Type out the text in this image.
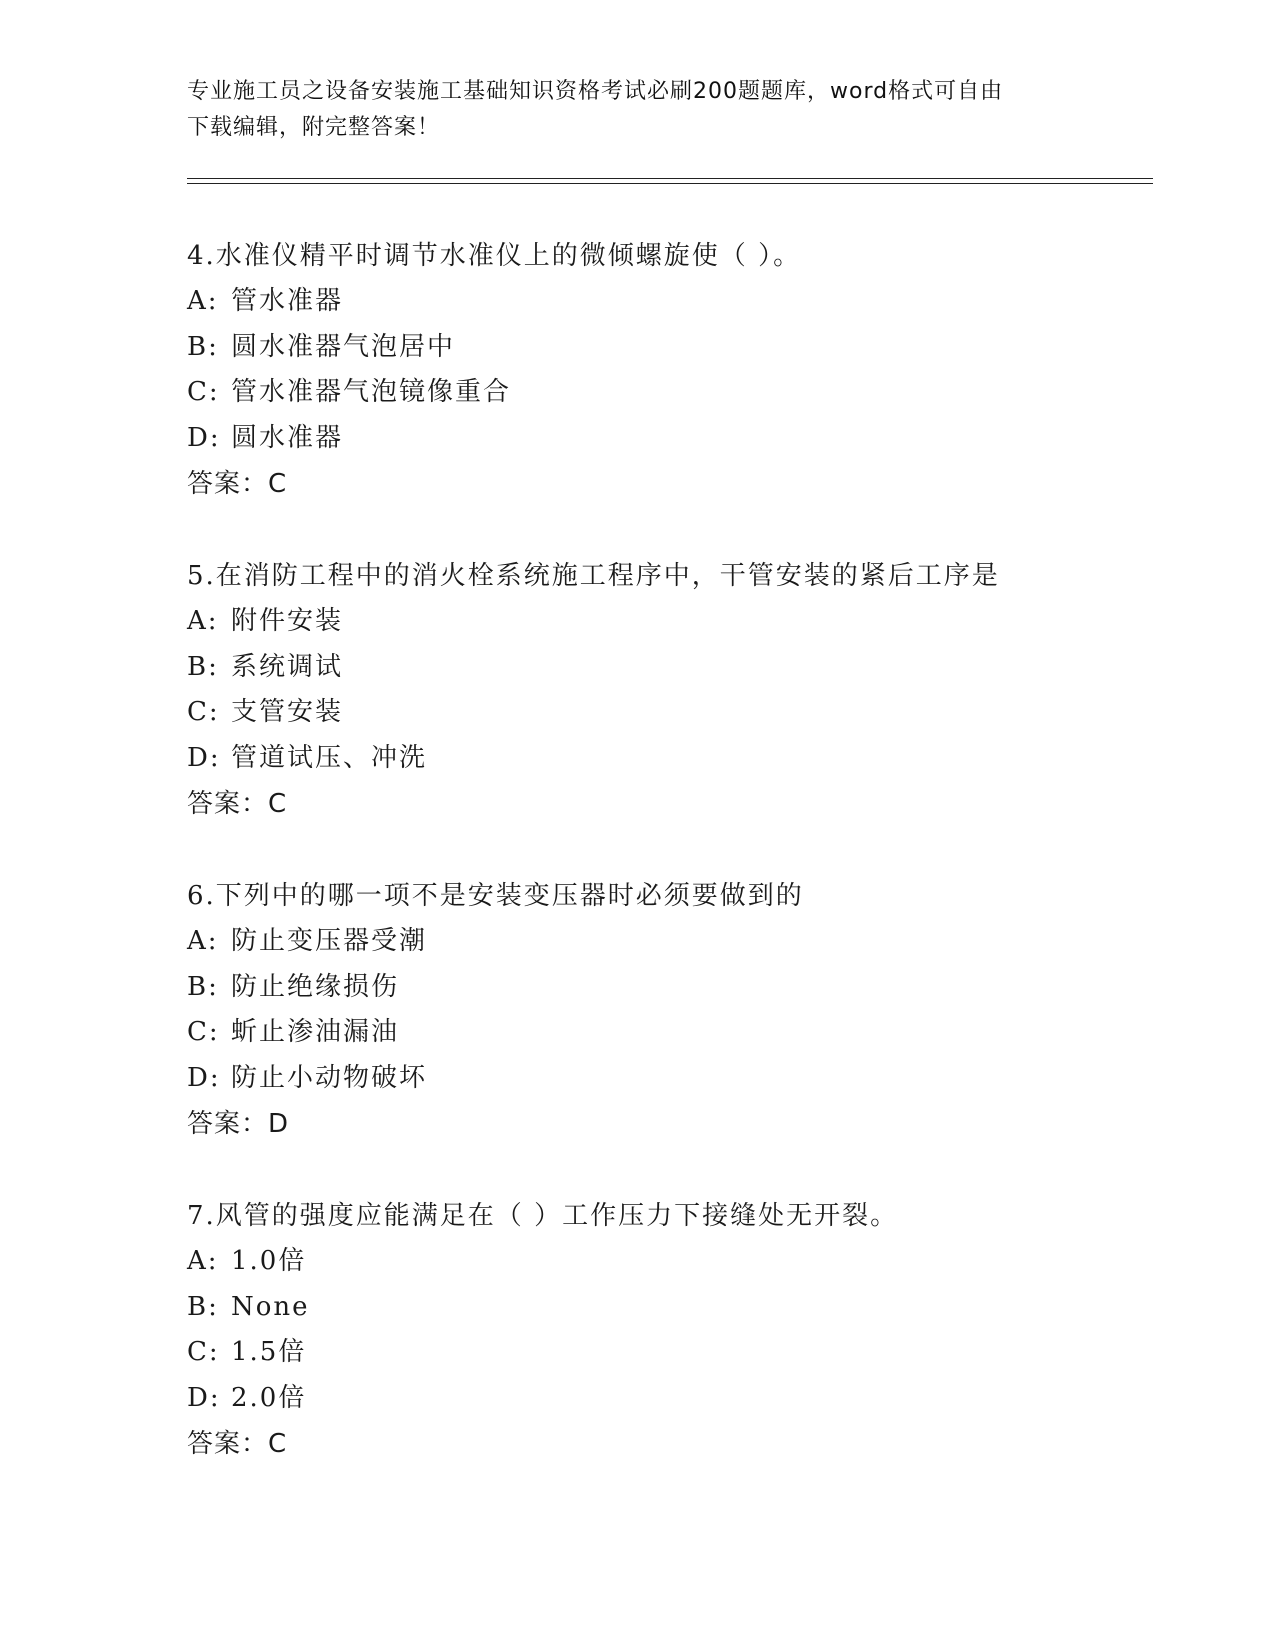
专业施工员之设备安装施工基础知识资格考试必刷200题题库，word格式可自由
下载编辑，附完整答案！
4.水准仪精平时调节水准仪上的微倾螺旋使（ ）。
A: 管水准器
B: 圆水准器气泡居中
C: 管水准器气泡镜像重合
D: 圆水准器
答案：C
5.在消防工程中的消火栓系统施工程序中，干管安装的紧后工序是
A: 附件安装
B: 系统调试
C: 支管安装
D: 管道试压、冲洗
答案：C
6.下列中的哪一项不是安装变压器时必须要做到的
A: 防止变压器受潮
B: 防止绝缘损伤
C: 蚚止渗油漏油
D: 防止小动物破坏
答案：D
7.风管的强度应能满足在（ ）工作压力下接缝处无开裂。
A: 1.0倍
B: None
C: 1.5倍
D: 2.0倍
答案：C
